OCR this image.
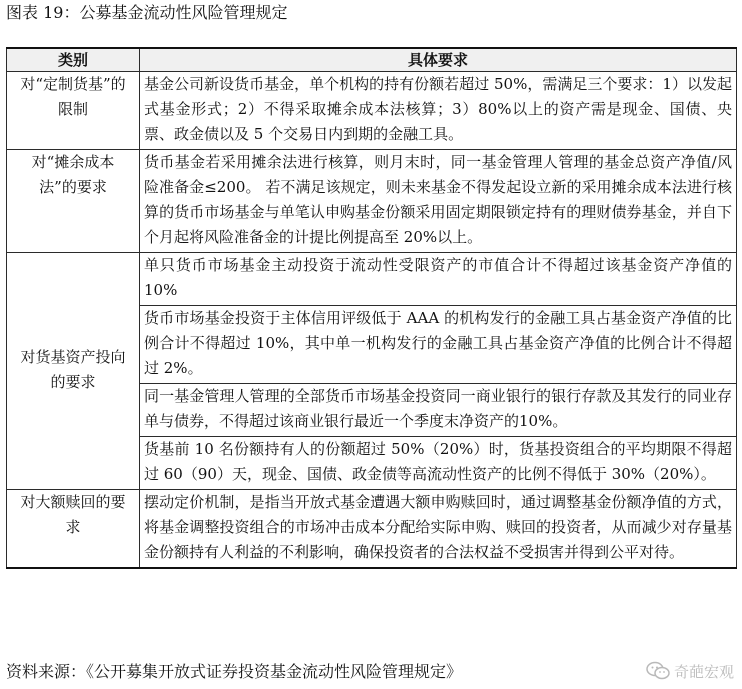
图表 19：公募基金流动性风险管理规定
类别	具体要求
对“定制货基”的限制	基金公司新设货币基金，单个机构的持有份额若超过 50%，需满足三个要求：1）以发起式基金形式；2）不得采取摊余成本法核算；3）80%以上的资产需是现金、国债、央票、政金债以及 5 个交易日内到期的金融工具。
对“摊余成本法”的要求	货币基金若采用摊余法进行核算，则月末时，同一基金管理人管理的基金总资产净值/风险准备金≤200。 若不满足该规定，则未来基金不得发起设立新的采用摊余成本法进行核算的货币市场基金与单笔认申购基金份额采用固定期限锁定持有的理财债券基金，并自下个月起将风险准备金的计提比例提高至 20%以上。
对货基资产投向的要求	单只货币市场基金主动投资于流动性受限资产的市值合计不得超过该基金资产净值的 10%
	货币市场基金投资于主体信用评级低于 AAA 的机构发行的金融工具占基金资产净值的比例合计不得超过 10%，其中单一机构发行的金融工具占基金资产净值的比例合计不得超过 2%。
	同一基金管理人管理的全部货币市场基金投资同一商业银行的银行存款及其发行的同业存单与债券，不得超过该商业银行最近一个季度末净资产的10%。
	货基前 10 名份额持有人的份额超过 50%（20%）时，货基投资组合的平均期限不得超过 60（90）天，现金、国债、政金债等高流动性资产的比例不得低于 30%（20%）。
对大额赎回的要求	摆动定价机制，是指当开放式基金遭遇大额申购赎回时，通过调整基金份额净值的方式，将基金调整投资组合的市场冲击成本分配给实际申购、赎回的投资者，从而减少对存量基金份额持有人利益的不利影响，确保投资者的合法权益不受损害并得到公平对待。
资料来源：《公开募集开放式证券投资基金流动性风险管理规定》	奇葩宏观
